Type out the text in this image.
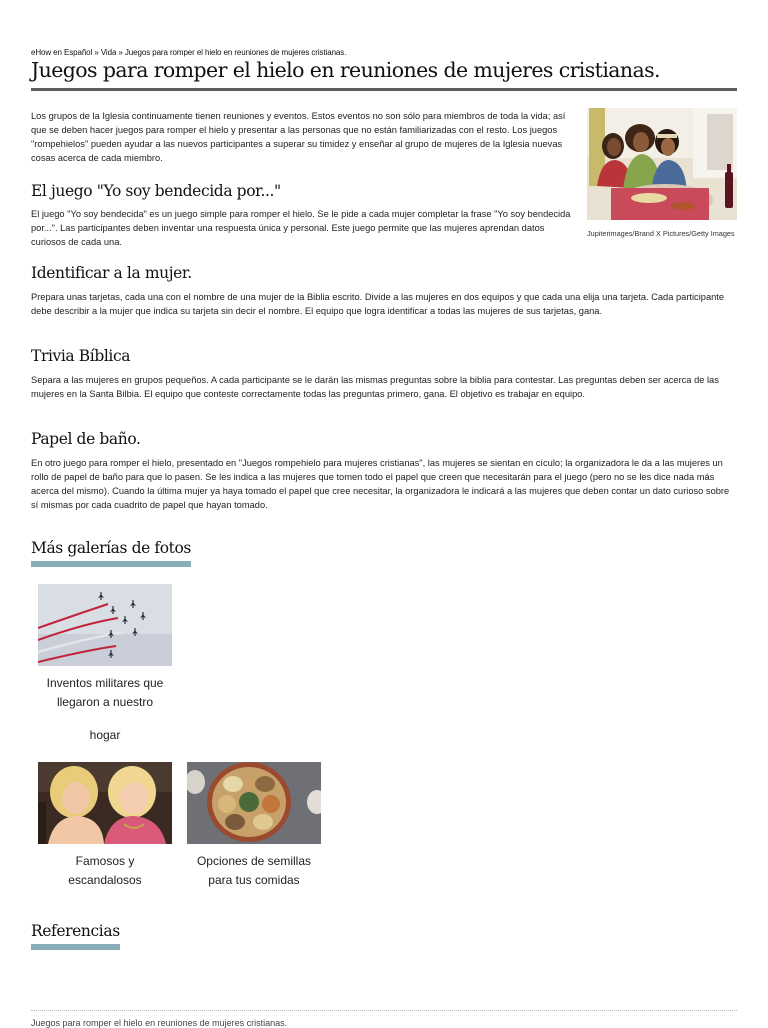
eHow en Español » Vida » Juegos para romper el hielo en reuniones de mujeres cristianas.
Juegos para romper el hielo en reuniones de mujeres cristianas.

Los grupos de la Iglesia continuamente tienen reuniones y eventos. Estos eventos no son sólo para miembros de toda la vida; así que se deben hacer juegos para romper el hielo y presentar a las personas que no están familiarizadas con el resto. Los juegos "rompehielos" pueden ayudar a las nuevos participantes a superar su timidez y enseñar al grupo de mujeres de la Iglesia nuevas cosas acerca de cada miembro.

Jupiterimages/Brand X Pictures/Getty Images
El juego "Yo soy bendecida por..."

El juego "Yo soy bendecida" es un juego simple para romper el hielo. Se le pide a cada mujer completar la frase "Yo soy bendecida por...". Las participantes deben inventar una respuesta única y personal. Este juego permite que las mujeres aprendan datos curiosos de cada una.

Identificar a la mujer.

Prepara unas tarjetas, cada una con el nombre de una mujer de la Biblia escrito. Divide a las mujeres en dos equipos y que cada una elija una tarjeta. Cada participante debe describir a la mujer que indica su tarjeta sin decir el nombre. El equipo que logra identificar a todas las mujeres de sus tarjetas, gana.

Trivia Bíblica

Separa a las mujeres en grupos pequeños. A cada participante se le darán las mismas preguntas sobre la biblia para contestar. Las preguntas deben ser acerca de las mujeres en la Santa Bilbia. El equipo que conteste correctamente todas las preguntas primero, gana. El objetivo es trabajar en equipo.

Papel de baño.

En otro juego para romper el hielo, presentado en "Juegos rompehielo para mujeres cristianas", las mujeres se sientan en cículo; la organizadora le da a las mujeres un rollo de papel de baño para que lo pasen. Se les indica a las mujeres que tomen todo el papel que creen que necesitarán para el juego (pero no se les dice nada más acerca del mismo). Cuando la última mujer ya haya tomado el papel que cree necesitar, la organizadora le indicará a las mujeres que deben contar un dato curioso sobre sí mismas por cada cuadrito de papel que hayan tomado.

Más galerías de fotos
Inventos militares que
llegaron a nuestro
hogar
Famosos y
escandalosos
Opciones de semillas
para tus comidas
Referencias
Juegos para romper el hielo en reuniones de mujeres cristianas.
